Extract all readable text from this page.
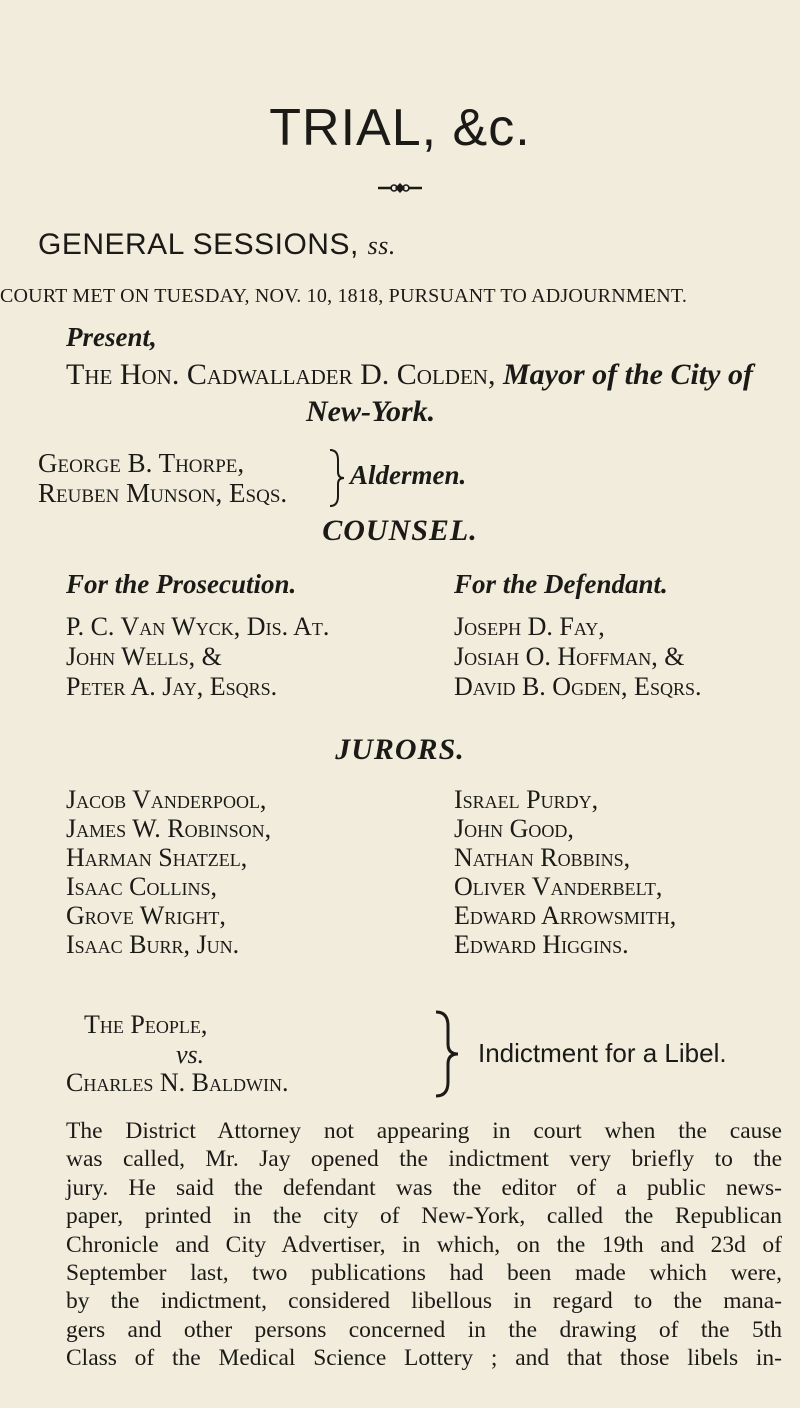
TRIAL, &c.
GENERAL SESSIONS, ss.
COURT MET ON TUESDAY, NOV. 10, 1818, PURSUANT TO ADJOURNMENT.
Present,
The Hon. Cadwallader D. Colden, Mayor of the City of
New-York.
George B. Thorpe,
Reuben Munson, Esqs.
Aldermen.
COUNSEL.
For the Prosecution.	For the Defendant.
P. C. Van Wyck, Dis. At.
John Wells, &
Peter A. Jay, Esqrs.
Joseph D. Fay,
Josiah O. Hoffman, &
David B. Ogden, Esqrs.
JURORS.
Jacob Vanderpool,
James W. Robinson,
Harman Shatzel,
Isaac Collins,
Grove Wright,
Isaac Burr, Jun.
Israel Purdy,
John Good,
Nathan Robbins,
Oliver Vanderbelt,
Edward Arrowsmith,
Edward Higgins.
The People,
vs.
Charles N. Baldwin.
Indictment for a Libel.
The District Attorney not appearing in court when the cause
was called, Mr. Jay opened the indictment very briefly to the
jury. He said the defendant was the editor of a public news-
paper, printed in the city of New-York, called the Republican
Chronicle and City Advertiser, in which, on the 19th and 23d of
September last, two publications had been made which were,
by the indictment, considered libellous in regard to the mana-
gers and other persons concerned in the drawing of the 5th
Class of the Medical Science Lottery ; and that those libels in-
